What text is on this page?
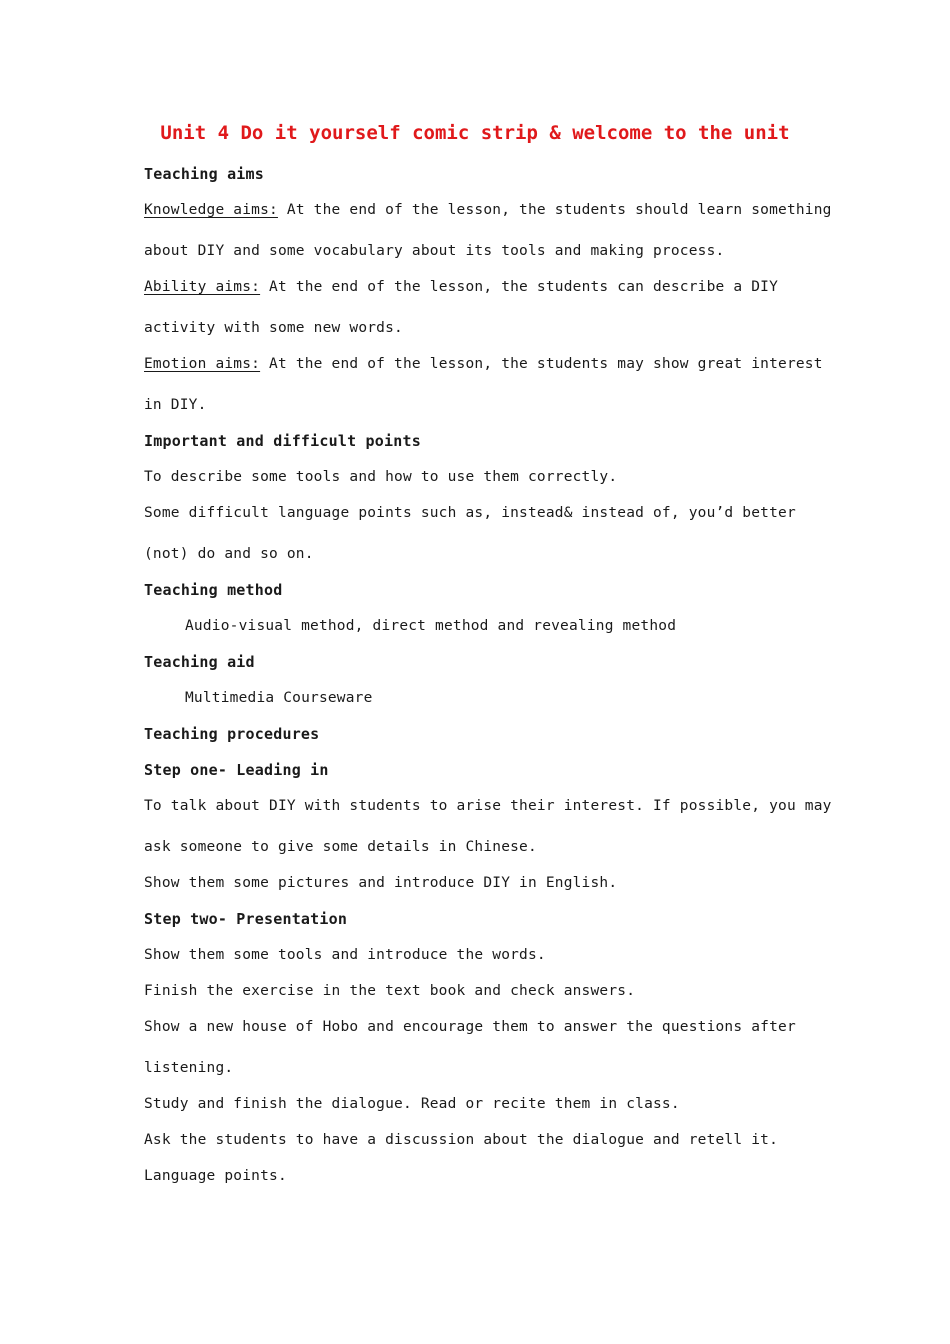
Unit 4 Do it yourself comic strip & welcome to the unit
Teaching aims
Knowledge aims: At the end of the lesson, the students should learn something
about DIY and some vocabulary about its tools and making process.
Ability aims: At the end of the lesson, the students can describe a DIY
activity with some new words.
Emotion aims: At the end of the lesson, the students may show great interest
in DIY.
Important and difficult points
To describe some tools and how to use them correctly.
Some difficult language points such as, instead& instead of, you’d better
(not) do and so on.
Teaching method
Audio-visual method, direct method and revealing method
Teaching aid
Multimedia Courseware
Teaching procedures
Step one- Leading in
To talk about DIY with students to arise their interest. If possible, you may
ask someone to give some details in Chinese.
Show them some pictures and introduce DIY in English.
Step two- Presentation
Show them some tools and introduce the words.
Finish the exercise in the text book and check answers.
Show a new house of Hobo and encourage them to answer the questions after
listening.
Study and finish the dialogue. Read or recite them in class.
Ask the students to have a discussion about the dialogue and retell it.
Language points.
